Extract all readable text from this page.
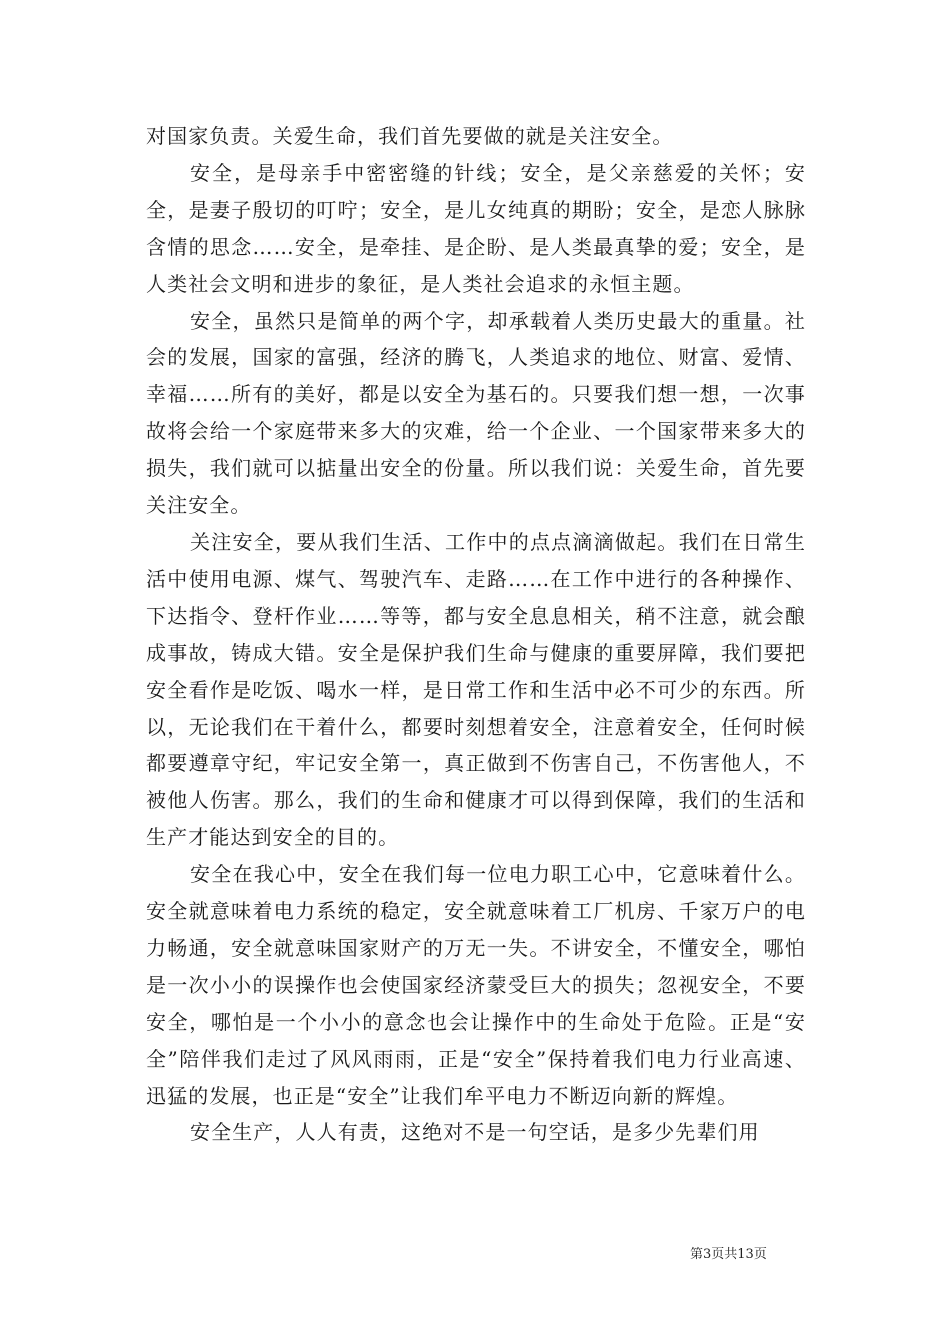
对国家负责。关爱生命，我们首先要做的就是关注安全。

安全，是母亲手中密密缝的针线；安全，是父亲慈爱的关怀；安全，是妻子殷切的叮咛；安全，是儿女纯真的期盼；安全，是恋人脉脉含情的思念……安全，是牵挂、是企盼、是人类最真挚的爱；安全，是人类社会文明和进步的象征，是人类社会追求的永恒主题。

安全，虽然只是简单的两个字，却承载着人类历史最大的重量。社会的发展，国家的富强，经济的腾飞，人类追求的地位、财富、爱情、幸福……所有的美好，都是以安全为基石的。只要我们想一想，一次事故将会给一个家庭带来多大的灾难，给一个企业、一个国家带来多大的损失，我们就可以掂量出安全的份量。所以我们说：关爱生命，首先要关注安全。

关注安全，要从我们生活、工作中的点点滴滴做起。我们在日常生活中使用电源、煤气、驾驶汽车、走路……在工作中进行的各种操作、下达指令、登杆作业……等等，都与安全息息相关，稍不注意，就会酿成事故，铸成大错。安全是保护我们生命与健康的重要屏障，我们要把安全看作是吃饭、喝水一样，是日常工作和生活中必不可少的东西。所以，无论我们在干着什么，都要时刻想着安全，注意着安全，任何时候都要遵章守纪，牢记安全第一，真正做到不伤害自己，不伤害他人，不被他人伤害。那么，我们的生命和健康才可以得到保障，我们的生活和生产才能达到安全的目的。

安全在我心中，安全在我们每一位电力职工心中，它意味着什么。安全就意味着电力系统的稳定，安全就意味着工厂机房、千家万户的电力畅通，安全就意味国家财产的万无一失。不讲安全，不懂安全，哪怕是一次小小的误操作也会使国家经济蒙受巨大的损失；忽视安全，不要安全，哪怕是一个小小的意念也会让操作中的生命处于危险。正是“安全”陪伴我们走过了风风雨雨，正是“安全”保持着我们电力行业高速、迅猛的发展，也正是“安全”让我们牟平电力不断迈向新的辉煌。

安全生产，人人有责，这绝对不是一句空话，是多少先辈们用

第3页共13页
